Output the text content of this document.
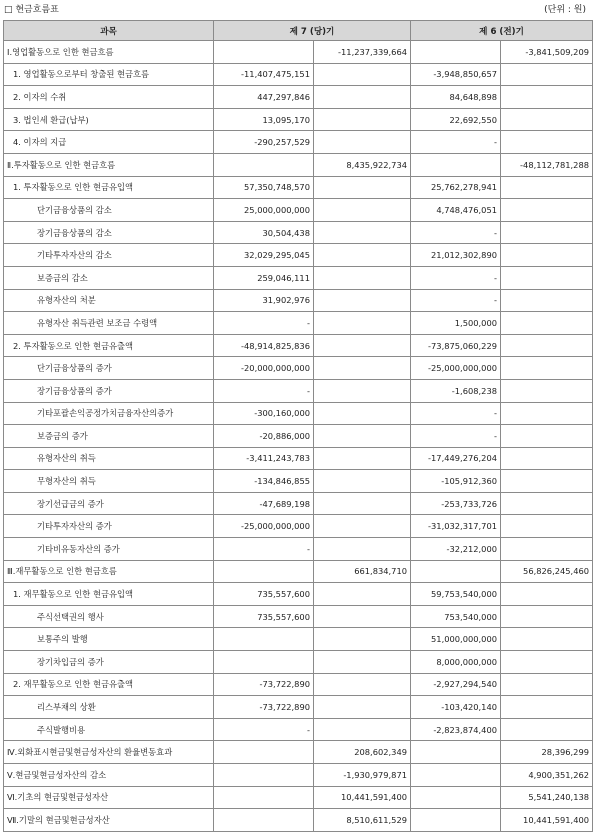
□ 현금흐름표	(단위 : 원)
과목	제 7 (당)기		제 6 (전)기	
Ⅰ.영업활동으로 인한 현금흐름		-11,237,339,664		-3,841,509,209
1. 영업활동으로부터 창출된 현금흐름	-11,407,475,151		-3,948,850,657	
2. 이자의 수취	447,297,846		84,648,898	
3. 법인세 환급(납부)	13,095,170		22,692,550	
4. 이자의 지급	-290,257,529		-	
Ⅱ.투자활동으로 인한 현금흐름		8,435,922,734		-48,112,781,288
1. 투자활동으로 인한 현금유입액	57,350,748,570		25,762,278,941	
단기금융상품의 감소	25,000,000,000		4,748,476,051	
장기금융상품의 감소	30,504,438		-	
기타투자자산의 감소	32,029,295,045		21,012,302,890	
보증금의 감소	259,046,111		-	
유형자산의 처분	31,902,976		-	
유형자산 취득관련 보조금 수령액	-		1,500,000	
2. 투자활동으로 인한 현금유출액	-48,914,825,836		-73,875,060,229	
단기금융상품의 증가	-20,000,000,000		-25,000,000,000	
장기금융상품의 증가	-		-1,608,238	
기타포괄손익공정가치금융자산의증가	-300,160,000		-	
보증금의 증가	-20,886,000		-	
유형자산의 취득	-3,411,243,783		-17,449,276,204	
무형자산의 취득	-134,846,855		-105,912,360	
장기선급금의 증가	-47,689,198		-253,733,726	
기타투자자산의 증가	-25,000,000,000		-31,032,317,701	
기타비유동자산의 증가	-		-32,212,000	
Ⅲ.재무활동으로 인한 현금흐름		661,834,710		56,826,245,460
1. 재무활동으로 인한 현금유입액	735,557,600		59,753,540,000	
주식선택권의 행사	735,557,600		753,540,000	
보통주의 발행			51,000,000,000	
장기차입금의 증가			8,000,000,000	
2. 재무활동으로 인한 현금유출액	-73,722,890		-2,927,294,540	
리스부채의 상환	-73,722,890		-103,420,140	
주식발행비용	-		-2,823,874,400	
Ⅳ.외화표시현금및현금성자산의 환율변동효과		208,602,349		28,396,299
Ⅴ.현금및현금성자산의 감소		-1,930,979,871		4,900,351,262
Ⅵ.기초의 현금및현금성자산		10,441,591,400		5,541,240,138
Ⅶ.기말의 현금및현금성자산		8,510,611,529		10,441,591,400
